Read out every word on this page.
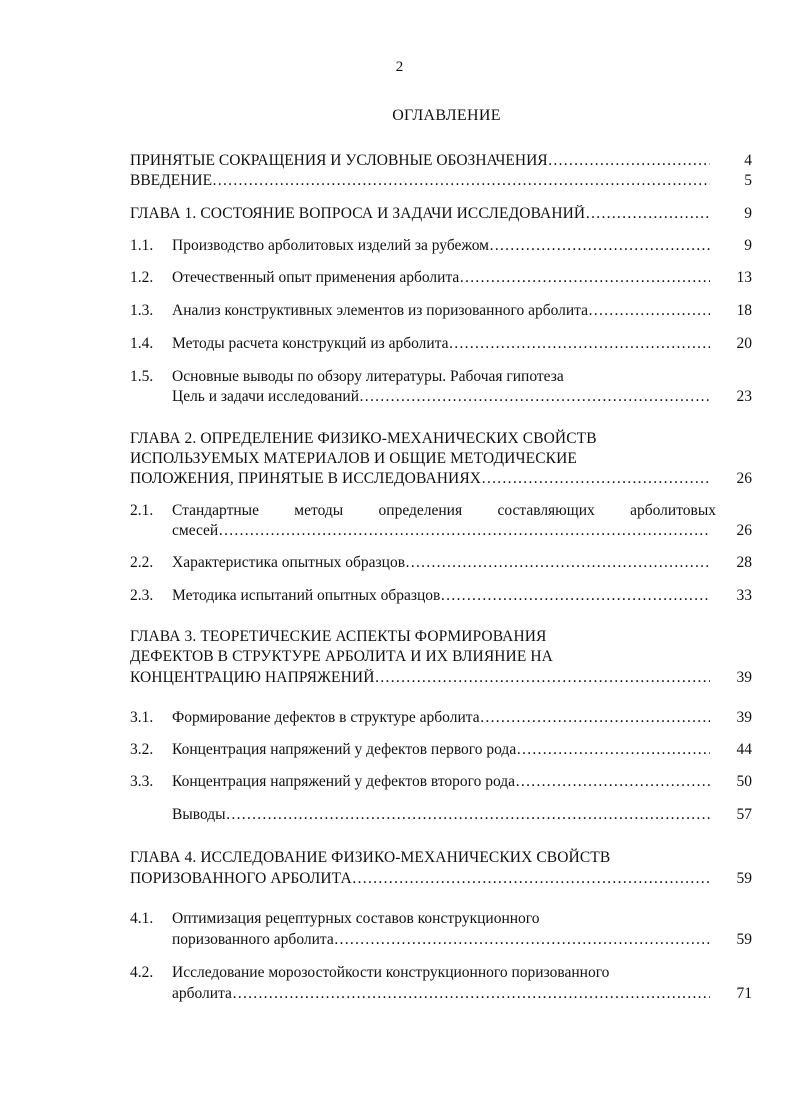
2
ОГЛАВЛЕНИЕ
ПРИНЯТЫЕ СОКРАЩЕНИЯ И УСЛОВНЫЕ ОБОЗНАЧЕНИЯ ……………………………………………………………………………………………………………………………………………………	4
ВВЕДЕНИЕ ……………………………………………………………………………………………………………………………………………………	5
ГЛАВА 1. СОСТОЯНИЕ ВОПРОСА И ЗАДАЧИ ИССЛЕДОВАНИЙ ……………………………………………………………………………………………………………………………………………………	9
1.1. Производство арболитовых изделий за рубежом ……………………………………………………………………………………………………………………………………………………	9
1.2. Отечественный опыт применения арболита ……………………………………………………………………………………………………………………………………………………	13
1.3. Анализ конструктивных элементов из поризованного арболита ……………………………………………………………………………………………………………………………………………………	18
1.4. Методы расчета конструкций из арболита ……………………………………………………………………………………………………………………………………………………	20
1.5. Основные выводы по обзору литературы. Рабочая гипотеза
Цель и задачи исследований ……………………………………………………………………………………………………………………………………………………	23
ГЛАВА 2. ОПРЕДЕЛЕНИЕ ФИЗИКО-МЕХАНИЧЕСКИХ СВОЙСТВ
ИСПОЛЬЗУЕМЫХ МАТЕРИАЛОВ И ОБЩИЕ МЕТОДИЧЕСКИЕ
ПОЛОЖЕНИЯ, ПРИНЯТЫЕ В ИССЛЕДОВАНИЯХ ……………………………………………………………………………………………………………………………………………………	26
2.1. Стандартные методы определения составляющих арболитовых
смесей ……………………………………………………………………………………………………………………………………………………	26
2.2. Характеристика опытных образцов ……………………………………………………………………………………………………………………………………………………	28
2.3. Методика испытаний опытных образцов ……………………………………………………………………………………………………………………………………………………	33
ГЛАВА 3. ТЕОРЕТИЧЕСКИЕ АСПЕКТЫ ФОРМИРОВАНИЯ
ДЕФЕКТОВ В СТРУКТУРЕ АРБОЛИТА И ИХ ВЛИЯНИЕ НА
КОНЦЕНТРАЦИЮ НАПРЯЖЕНИЙ ……………………………………………………………………………………………………………………………………………………	39
3.1. Формирование дефектов в структуре арболита ……………………………………………………………………………………………………………………………………………………	39
3.2. Концентрация напряжений у дефектов первого рода ……………………………………………………………………………………………………………………………………………………	44
3.3. Концентрация напряжений у дефектов второго рода ……………………………………………………………………………………………………………………………………………………	50
Выводы ……………………………………………………………………………………………………………………………………………………	57
ГЛАВА 4. ИССЛЕДОВАНИЕ ФИЗИКО-МЕХАНИЧЕСКИХ СВОЙСТВ
ПОРИЗОВАННОГО АРБОЛИТА ……………………………………………………………………………………………………………………………………………………	59
4.1. Оптимизация рецептурных составов конструкционного
поризованного арболита ……………………………………………………………………………………………………………………………………………………	59
4.2. Исследование морозостойкости конструкционного поризованного
арболита ……………………………………………………………………………………………………………………………………………………	71
